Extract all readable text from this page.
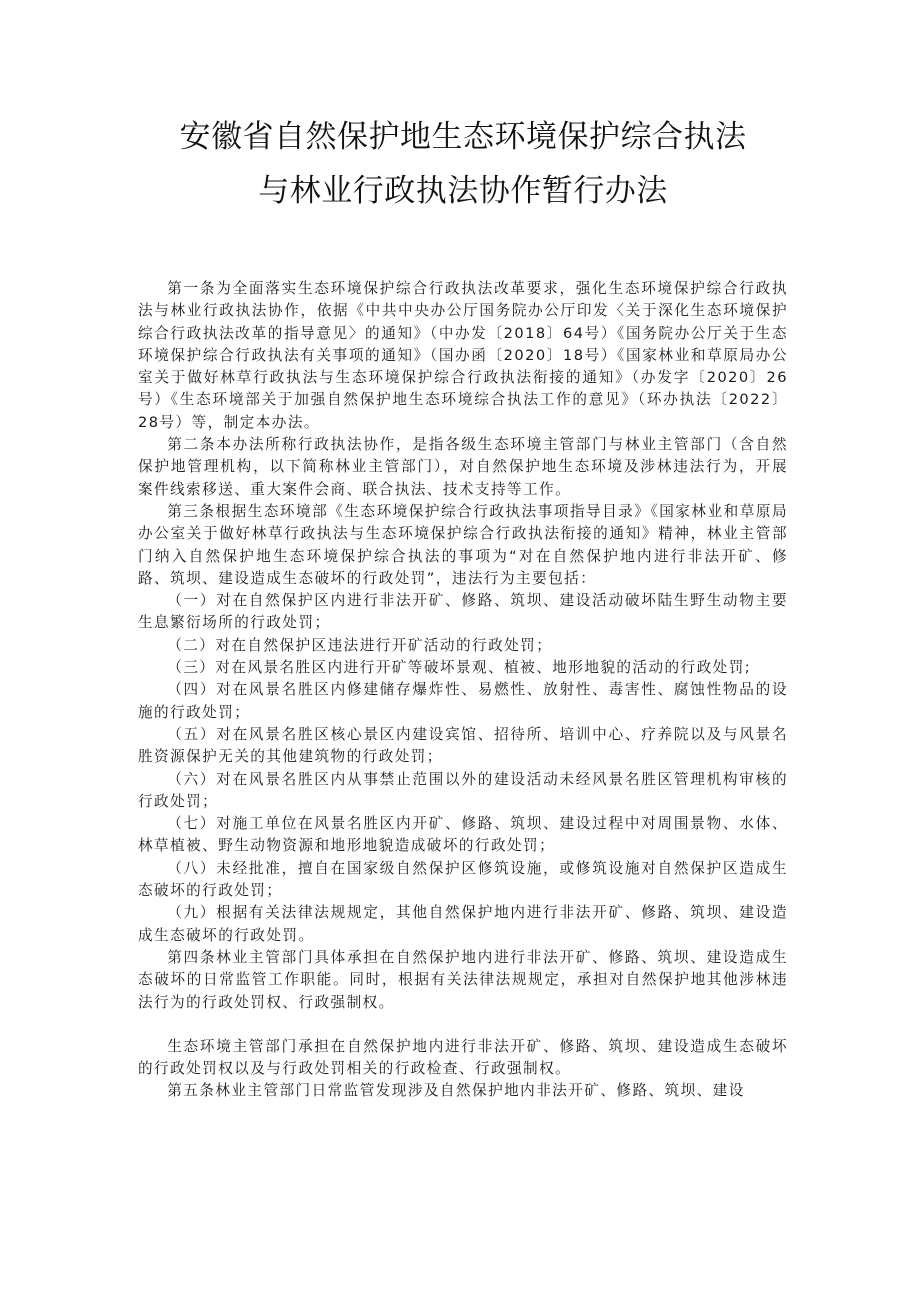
安徽省自然保护地生态环境保护综合执法
与林业行政执法协作暂行办法

第一条为全面落实生态环境保护综合行政执法改革要求，强化生态环境保护综合行政执法与林业行政执法协作，依据《中共中央办公厅国务院办公厅印发〈关于深化生态环境保护综合行政执法改革的指导意见〉的通知》（中办发〔2018〕64号）《国务院办公厅关于生态环境保护综合行政执法有关事项的通知》（国办函〔2020〕18号）《国家林业和草原局办公室关于做好林草行政执法与生态环境保护综合行政执法衔接的通知》（办发字〔2020〕26号）《生态环境部关于加强自然保护地生态环境综合执法工作的意见》（环办执法〔2022〕28号）等，制定本办法。

第二条本办法所称行政执法协作，是指各级生态环境主管部门与林业主管部门（含自然保护地管理机构，以下简称林业主管部门），对自然保护地生态环境及涉林违法行为，开展案件线索移送、重大案件会商、联合执法、技术支持等工作。

第三条根据生态环境部《生态环境保护综合行政执法事项指导目录》《国家林业和草原局办公室关于做好林草行政执法与生态环境保护综合行政执法衔接的通知》精神，林业主管部门纳入自然保护地生态环境保护综合执法的事项为“对在自然保护地内进行非法开矿、修路、筑坝、建设造成生态破坏的行政处罚”，违法行为主要包括：

（一）对在自然保护区内进行非法开矿、修路、筑坝、建设活动破坏陆生野生动物主要生息繁衍场所的行政处罚；

（二）对在自然保护区违法进行开矿活动的行政处罚；

（三）对在风景名胜区内进行开矿等破坏景观、植被、地形地貌的活动的行政处罚;

（四）对在风景名胜区内修建储存爆炸性、易燃性、放射性、毒害性、腐蚀性物品的设施的行政处罚；

（五）对在风景名胜区核心景区内建设宾馆、招待所、培训中心、疗养院以及与风景名胜资源保护无关的其他建筑物的行政处罚；

（六）对在风景名胜区内从事禁止范围以外的建设活动未经风景名胜区管理机构审核的行政处罚；

（七）对施工单位在风景名胜区内开矿、修路、筑坝、建设过程中对周围景物、水体、林草植被、野生动物资源和地形地貌造成破坏的行政处罚；

（八）未经批准，擅自在国家级自然保护区修筑设施，或修筑设施对自然保护区造成生态破坏的行政处罚；

（九）根据有关法律法规规定，其他自然保护地内进行非法开矿、修路、筑坝、建设造成生态破坏的行政处罚。

第四条林业主管部门具体承担在自然保护地内进行非法开矿、修路、筑坝、建设造成生态破坏的日常监管工作职能。同时，根据有关法律法规规定，承担对自然保护地其他涉林违法行为的行政处罚权、行政强制权。

生态环境主管部门承担在自然保护地内进行非法开矿、修路、筑坝、建设造成生态破坏的行政处罚权以及与行政处罚相关的行政检查、行政强制权。

第五条林业主管部门日常监管发现涉及自然保护地内非法开矿、修路、筑坝、建设
